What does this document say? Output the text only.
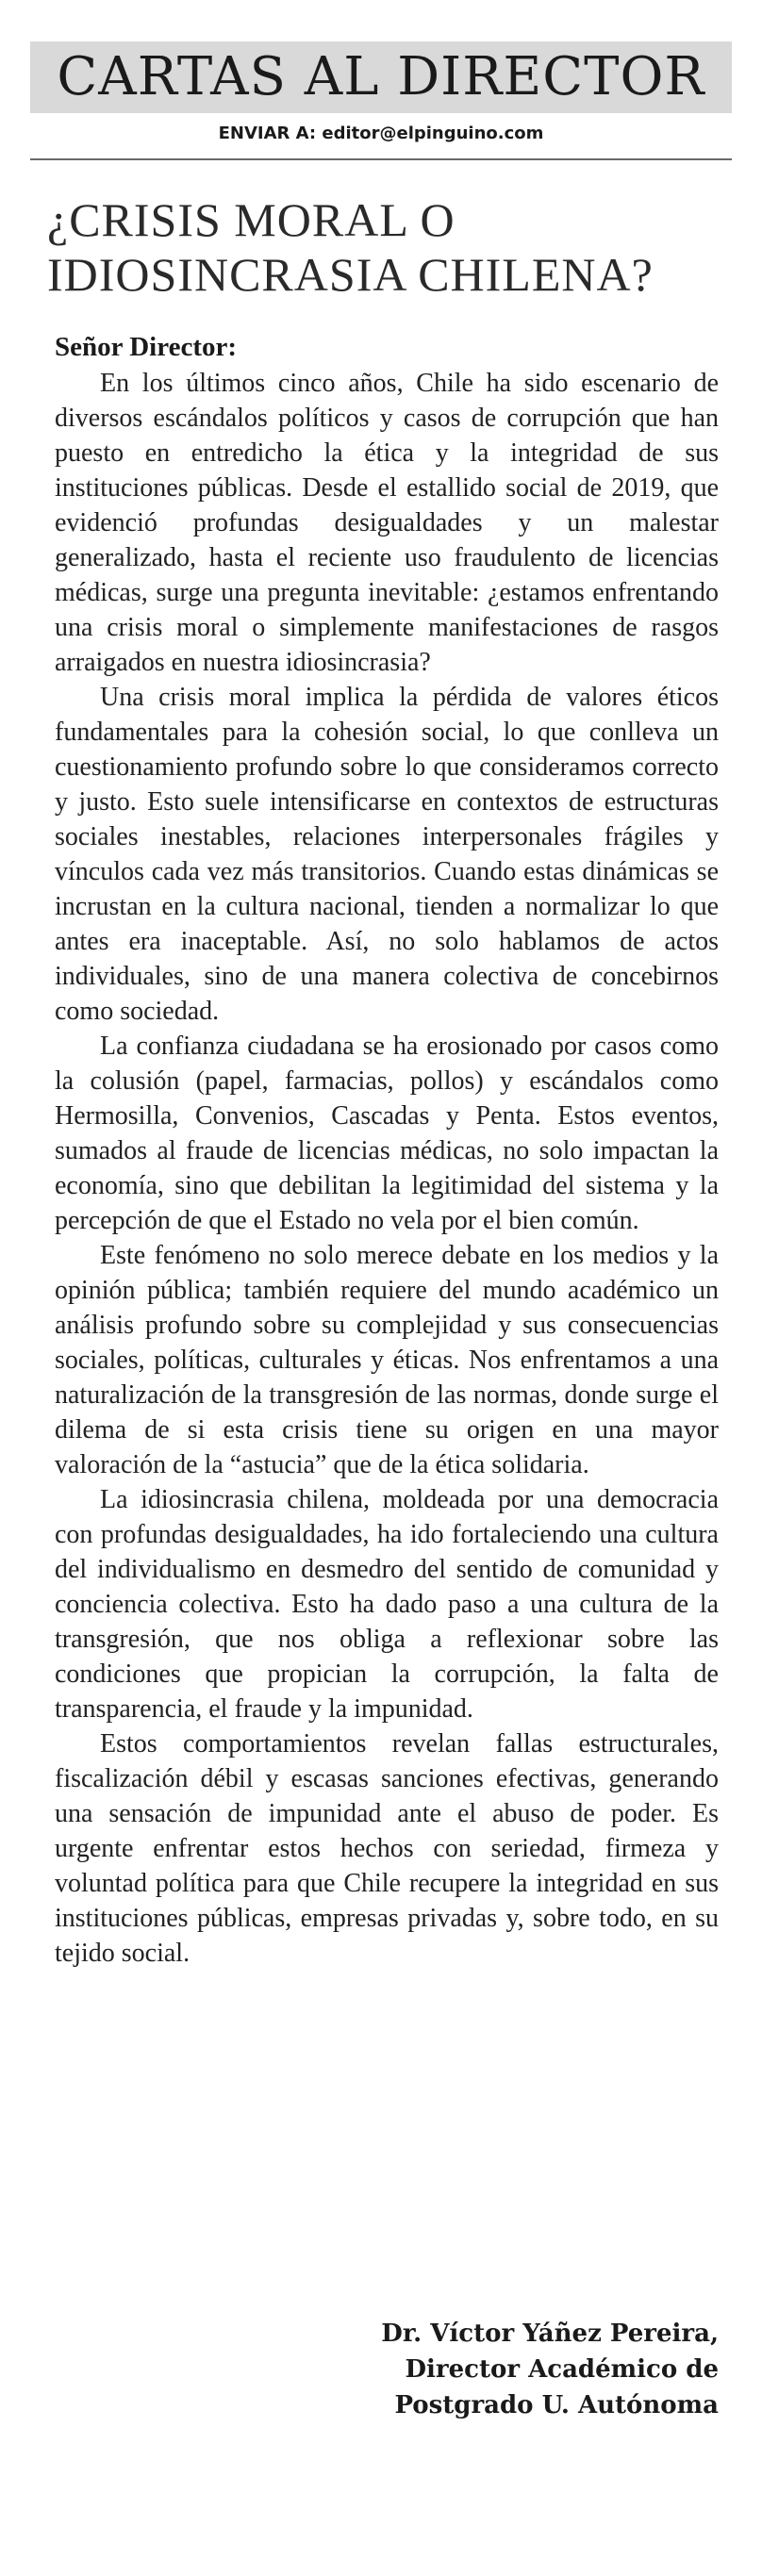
CARTAS AL DIRECTOR
ENVIAR A: editor@elpinguino.com
¿CRISIS MORAL O IDIOSINCRASIA CHILENA?
Señor Director:

En los últimos cinco años, Chile ha sido escenario de diversos escándalos políticos y casos de corrupción que han puesto en entredicho la ética y la integridad de sus instituciones públicas. Desde el estallido social de 2019, que evidenció profundas desigualdades y un malestar generalizado, hasta el reciente uso fraudulento de licencias médicas, surge una pregunta inevitable: ¿estamos enfrentando una crisis moral o simplemente manifestaciones de rasgos arraigados en nuestra idiosincrasia?

Una crisis moral implica la pérdida de valores éticos fundamentales para la cohesión social, lo que conlleva un cuestionamiento profundo sobre lo que consideramos correcto y justo. Esto suele intensificarse en contextos de estructuras sociales inestables, relaciones interpersonales frágiles y vínculos cada vez más transitorios. Cuando estas dinámicas se incrustan en la cultura nacional, tienden a normalizar lo que antes era inaceptable. Así, no solo hablamos de actos individuales, sino de una manera colectiva de concebirnos como sociedad.

La confianza ciudadana se ha erosionado por casos como la colusión (papel, farmacias, pollos) y escándalos como Hermosilla, Convenios, Cascadas y Penta. Estos eventos, sumados al fraude de licencias médicas, no solo impactan la economía, sino que debilitan la legitimidad del sistema y la percepción de que el Estado no vela por el bien común.

Este fenómeno no solo merece debate en los medios y la opinión pública; también requiere del mundo académico un análisis profundo sobre su complejidad y sus consecuencias sociales, políticas, culturales y éticas. Nos enfrentamos a una naturalización de la transgresión de las normas, donde surge el dilema de si esta crisis tiene su origen en una mayor valoración de la “astucia” que de la ética solidaria.

La idiosincrasia chilena, moldeada por una democracia con profundas desigualdades, ha ido fortaleciendo una cultura del individualismo en desmedro del sentido de comunidad y conciencia colectiva. Esto ha dado paso a una cultura de la transgresión, que nos obliga a reflexionar sobre las condiciones que propician la corrupción, la falta de transparencia, el fraude y la impunidad.

Estos comportamientos revelan fallas estructurales, fiscalización débil y escasas sanciones efectivas, generando una sensación de impunidad ante el abuso de poder. Es urgente enfrentar estos hechos con seriedad, firmeza y voluntad política para que Chile recupere la integridad en sus instituciones públicas, empresas privadas y, sobre todo, en su tejido social.

Dr. Víctor Yáñez Pereira,
Director Académico de
Postgrado U. Autónoma
